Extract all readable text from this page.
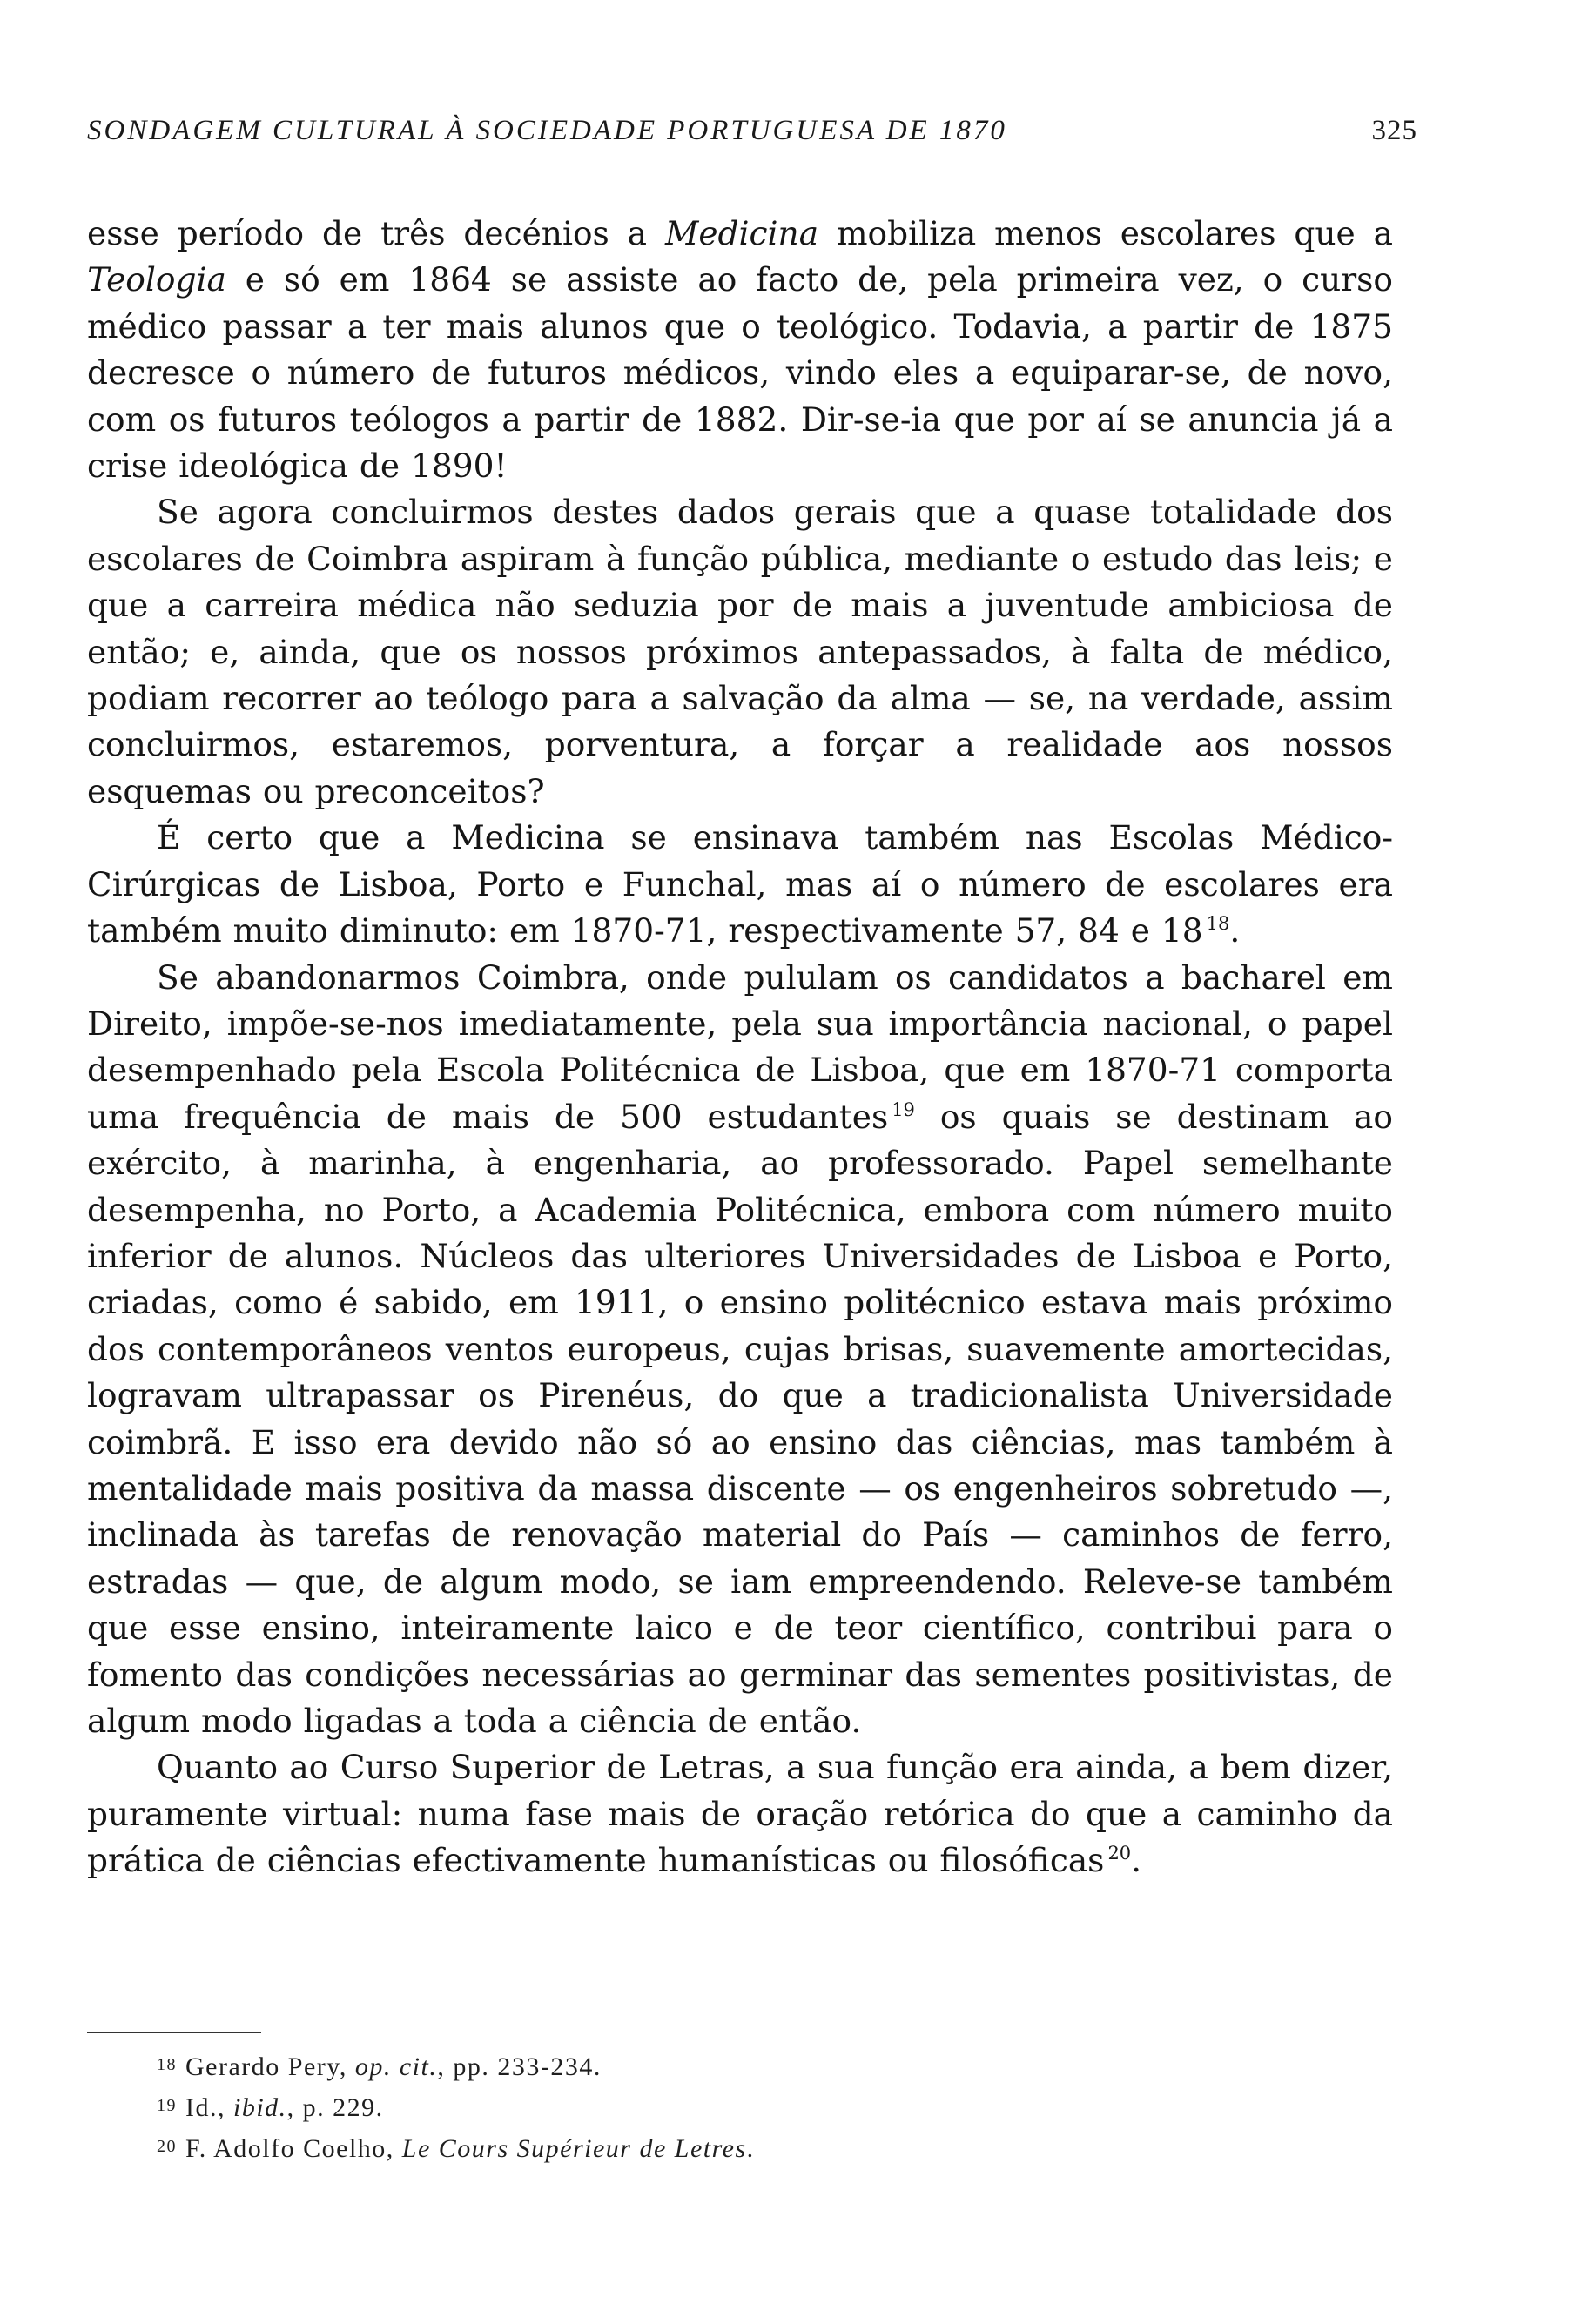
SONDAGEM CULTURAL À SOCIEDADE PORTUGUESA DE 1870	325

esse período de três decénios a Medicina mobiliza menos escolares que a Teologia e só em 1864 se assiste ao facto de, pela primeira vez, o curso médico passar a ter mais alunos que o teológico. Todavia, a partir de 1875 decresce o número de futuros médicos, vindo eles a equiparar-se, de novo, com os futuros teólogos a partir de 1882. Dir-se-ia que por aí se anuncia já a crise ideológica de 1890!

Se agora concluirmos destes dados gerais que a quase totalidade dos escolares de Coimbra aspiram à função pública, mediante o estudo das leis; e que a carreira médica não seduzia por de mais a juventude ambiciosa de então; e, ainda, que os nossos próximos antepassados, à falta de médico, podiam recorrer ao teólogo para a salvação da alma — se, na verdade, assim concluirmos, estaremos, porventura, a forçar a realidade aos nossos esquemas ou preconceitos?

É certo que a Medicina se ensinava também nas Escolas Médico-Cirúrgicas de Lisboa, Porto e Funchal, mas aí o número de escolares era também muito diminuto: em 1870-71, respectivamente 57, 84 e 18 $^{18}$.

Se abandonarmos Coimbra, onde pululam os candidatos a bacharel em Direito, impõe-se-nos imediatamente, pela sua importância nacional, o papel desempenhado pela Escola Politécnica de Lisboa, que em 1870-71 comporta uma frequência de mais de 500 estudantes $^{19}$ os quais se destinam ao exército, à marinha, à engenharia, ao professorado. Papel semelhante desempenha, no Porto, a Academia Politécnica, embora com número muito inferior de alunos. Núcleos das ulteriores Universidades de Lisboa e Porto, criadas, como é sabido, em 1911, o ensino politécnico estava mais próximo dos contemporâneos ventos europeus, cujas brisas, suavemente amortecidas, logravam ultrapassar os Pirenéus, do que a tradicionalista Universidade coimbrã. E isso era devido não só ao ensino das ciências, mas também à mentalidade mais positiva da massa discente — os engenheiros sobretudo —, inclinada às tarefas de renovação material do País — caminhos de ferro, estradas — que, de algum modo, se iam empreendendo. Releve-se também que esse ensino, inteiramente laico e de teor científico, contribui para o fomento das condições necessárias ao germinar das sementes positivistas, de algum modo ligadas a toda a ciência de então.

Quanto ao Curso Superior de Letras, a sua função era ainda, a bem dizer, puramente virtual: numa fase mais de oração retórica do que a caminho da prática de ciências efectivamente humanísticas ou filosóficas $^{20}$.

$^{18}$ Gerardo Pery, op. cit., pp. 233-234.
$^{19}$ Id., ibid., p. 229.
$^{20}$ F. Adolfo Coelho, Le Cours Supérieur de Letres.
